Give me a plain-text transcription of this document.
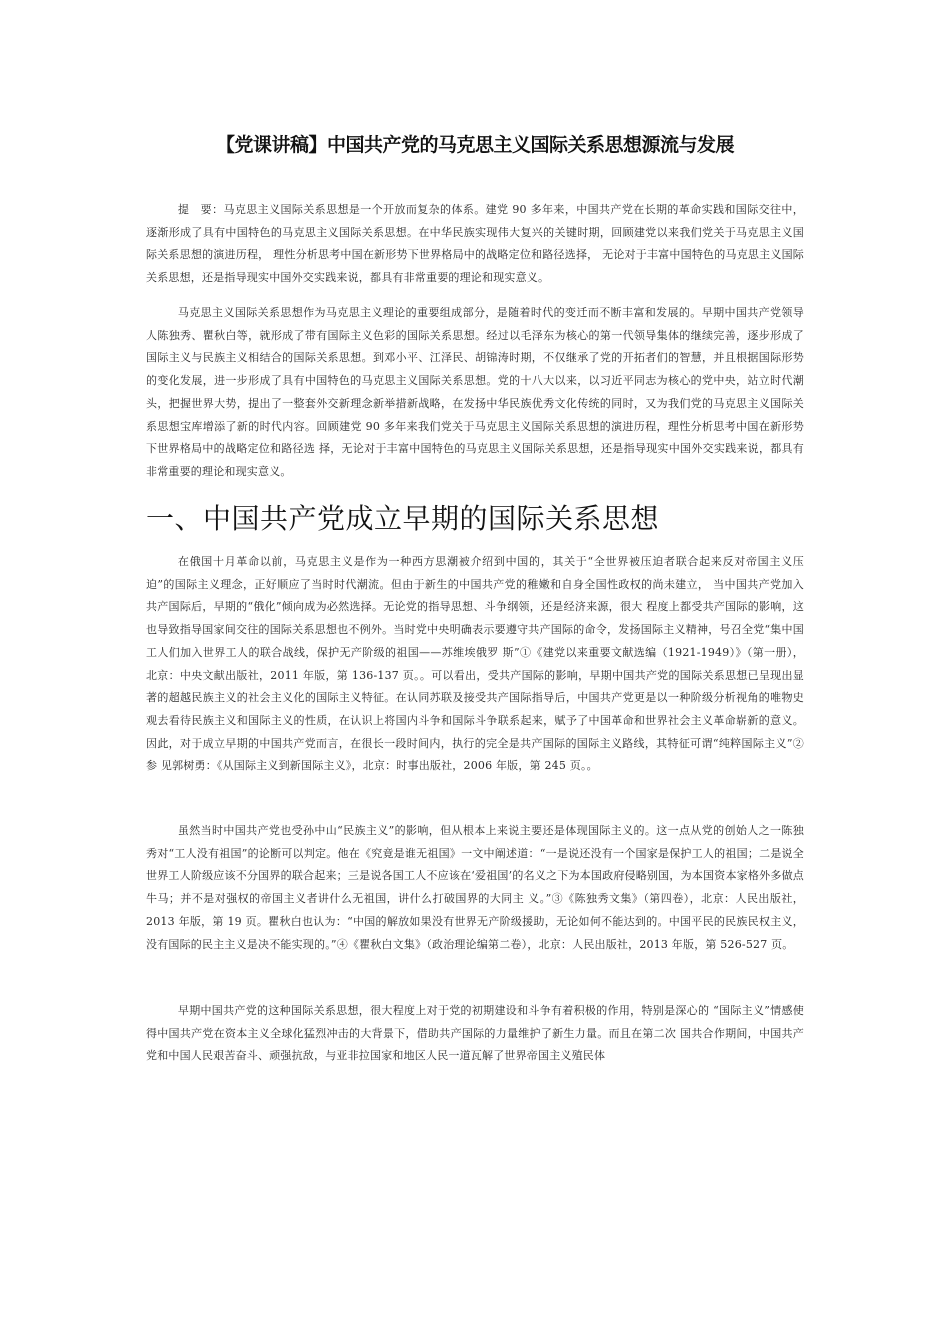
【党课讲稿】中国共产党的马克思主义国际关系思想源流与发展

提　要：马克思主义国际关系思想是一个开放而复杂的体系。建党 90 多年来，中国共产党在长期的革命实践和国际交往中，逐渐形成了具有中国特色的马克思主义国际关系思想。在中华民族实现伟大复兴的关键时期，回顾建党以来我们党关于马克思主义国际关系思想的演进历程， 理性分析思考中国在新形势下世界格局中的战略定位和路径选择， 无论对于丰富中国特色的马克思主义国际关系思想，还是指导现实中国外交实践来说，都具有非常重要的理论和现实意义。

马克思主义国际关系思想作为马克思主义理论的重要组成部分，是随着时代的变迁而不断丰富和发展的。早期中国共产党领导人陈独秀、瞿秋白等，就形成了带有国际主义色彩的国际关系思想。经过以毛泽东为核心的第一代领导集体的继续完善，逐步形成了国际主义与民族主义相结合的国际关系思想。到邓小平、江泽民、胡锦涛时期，不仅继承了党的开拓者们的智慧，并且根据国际形势的变化发展，进一步形成了具有中国特色的马克思主义国际关系思想。党的十八大以来，以习近平同志为核心的党中央，站立时代潮头，把握世界大势，提出了一整套外交新理念新举措新战略，在发扬中华民族优秀文化传统的同时，又为我们党的马克思主义国际关系思想宝库增添了新的时代内容。回顾建党 90 多年来我们党关于马克思主义国际关系思想的演进历程，理性分析思考中国在新形势下世界格局中的战略定位和路径选 择，无论对于丰富中国特色的马克思主义国际关系思想，还是指导现实中国外交实践来说，都具有非常重要的理论和现实意义。

一、中国共产党成立早期的国际关系思想

在俄国十月革命以前，马克思主义是作为一种西方思潮被介绍到中国的，其关于“全世界被压迫者联合起来反对帝国主义压迫”的国际主义理念，正好顺应了当时时代潮流。但由于新生的中国共产党的稚嫩和自身全国性政权的尚未建立， 当中国共产党加入共产国际后，早期的“俄化”倾向成为必然选择。无论党的指导思想、斗争纲领，还是经济来源，很大 程度上都受共产国际的影响，这也导致指导国家间交往的国际关系思想也不例外。当时党中央明确表示要遵守共产国际的命令，发扬国际主义精神，号召全党“集中国工人们加入世界工人的联合战线，保护无产阶级的祖国——苏维埃俄罗 斯”①《建党以来重要文献选编（1921-1949）》（第一册），北京：中央文献出版社，2011 年版，第 136-137 页。。可以看出，受共产国际的影响，早期中国共产党的国际关系思想已呈现出显著的超越民族主义的社会主义化的国际主义特征。在认同苏联及接受共产国际指导后，中国共产党更是以一种阶级分析视角的唯物史观去看待民族主义和国际主义的性质，在认识上将国内斗争和国际斗争联系起来，赋予了中国革命和世界社会主义革命崭新的意义。因此，对于成立早期的中国共产党而言，在很长一段时间内，执行的完全是共产国际的国际主义路线，其特征可谓“纯粹国际主义”②参 见郭树勇：《从国际主义到新国际主义》，北京：时事出版社，2006 年版，第 245 页。。

虽然当时中国共产党也受孙中山“民族主义”的影响，但从根本上来说主要还是体现国际主义的。这一点从党的创始人之一陈独秀对“工人没有祖国”的论断可以判定。他在《究竟是谁无祖国》一文中阐述道：“一是说还没有一个国家是保护工人的祖国；二是说全世界工人阶级应该不分国界的联合起来；三是说各国工人不应该在‘爱祖国’的名义之下为本国政府侵略别国，为本国资本家格外多做点牛马；并不是对强权的帝国主义者讲什么无祖国，讲什么打破国界的大同主 义。”③《陈独秀文集》（第四卷），北京：人民出版社，2013 年版，第 19 页。瞿秋白也认为：“中国的解放如果没有世界无产阶级援助，无论如何不能达到的。中国平民的民族民权主义，没有国际的民主主义是决不能实现的。”④《瞿秋白文集》（政治理论编第二卷），北京：人民出版社，2013 年版，第 526-527 页。

早期中国共产党的这种国际关系思想，很大程度上对于党的初期建设和斗争有着积极的作用，特别是深心的 “国际主义”情感使得中国共产党在资本主义全球化猛烈冲击的大背景下，借助共产国际的力量维护了新生力量。而且在第二次 国共合作期间，中国共产党和中国人民艰苦奋斗、顽强抗敌，与亚非拉国家和地区人民一道瓦解了世界帝国主义殖民体
